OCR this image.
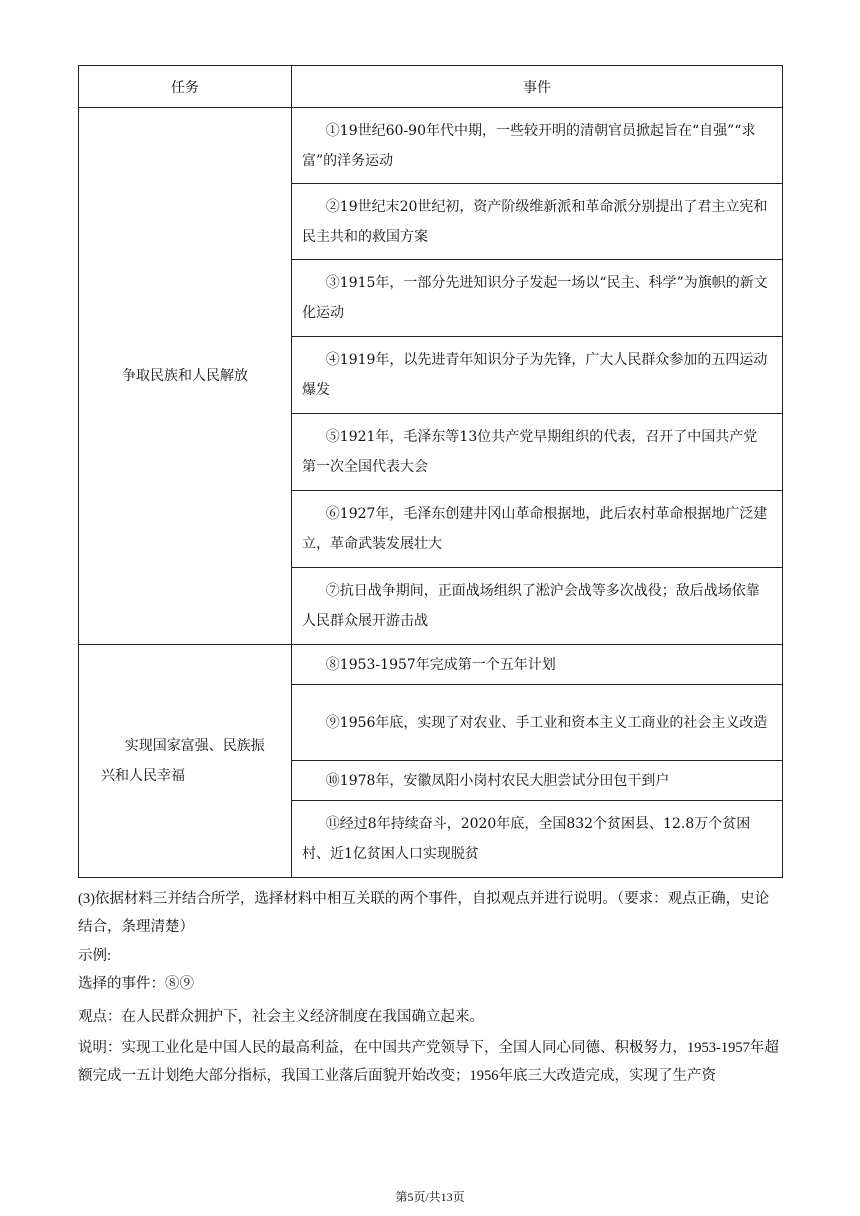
任务	事件

争取民族和人民解放	①19世纪60-90年代中期，一些较开明的清朝官员掀起旨在“自强”“求富”的洋务运动
	②19世纪末20世纪初，资产阶级维新派和革命派分别提出了君主立宪和民主共和的救国方案
	③1915年，一部分先进知识分子发起一场以“民主、科学”为旗帜的新文化运动
	④1919年，以先进青年知识分子为先锋，广大人民群众参加的五四运动爆发
	⑤1921年，毛泽东等13位共产党早期组织的代表，召开了中国共产党第一次全国代表大会
	⑥1927年，毛泽东创建井冈山革命根据地，此后农村革命根据地广泛建立，革命武装发展壮大
	⑦抗日战争期间，正面战场组织了淞沪会战等多次战役；敌后战场依靠人民群众展开游击战

实现国家富强、民族振兴和人民幸福	⑧1953-1957年完成第一个五年计划
	⑨1956年底，实现了对农业、手工业和资本主义工商业的社会主义改造
	⑩1978年，安徽凤阳小岗村农民大胆尝试分田包干到户
	⑪经过8年持续奋斗，2020年底，全国832个贫困县、12.8万个贫困村、近1亿贫困人口实现脱贫
(3)依据材料三并结合所学，选择材料中相互关联的两个事件，自拟观点并进行说明。（要求：观点正确，史论结合，条理清楚）
示例:
选择的事件：⑧⑨
观点：在人民群众拥护下，社会主义经济制度在我国确立起来。
说明：实现工业化是中国人民的最高利益，在中国共产党领导下，全国人同心同德、积极努力，1953-1957年超额完成一五计划绝大部分指标，我国工业落后面貌开始改变；1956年底三大改造完成，实现了生产资
第5页/共13页
